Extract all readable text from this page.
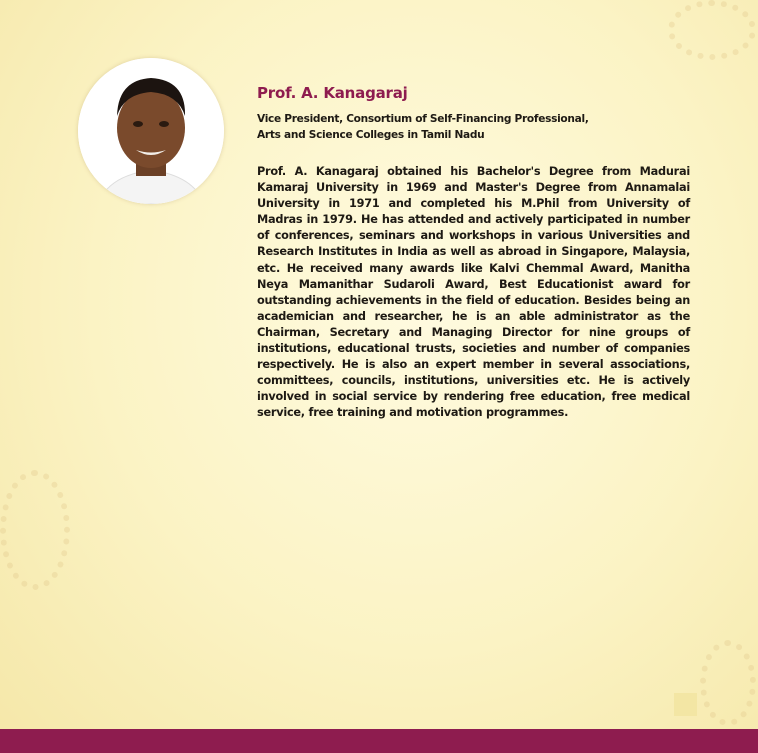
Prof. A. Kanagaraj
Vice President, Consortium of Self-Financing Professional,
Arts and Science Colleges in Tamil Nadu

Prof. A. Kanagaraj obtained his Bachelor's Degree from Madurai Kamaraj University in 1969 and Master's Degree from Annamalai University in 1971 and completed his M.Phil from University of Madras in 1979. He has attended and actively participated in number of conferences, seminars and workshops in various Universities and Research Institutes in India as well as abroad in Singapore, Malaysia, etc. He received many awards like Kalvi Chemmal Award, Manitha Neya Mamanithar Sudaroli Award, Best Educationist award for outstanding achievements in the field of education. Besides being an academician and researcher, he is an able administrator as the Chairman, Secretary and Managing Director for nine groups of institutions, educational trusts, societies and number of companies respectively. He is also an expert member in several associations, committees, councils, institutions, universities etc. He is actively involved in social service by rendering free education, free medical service, free training and motivation programmes.
